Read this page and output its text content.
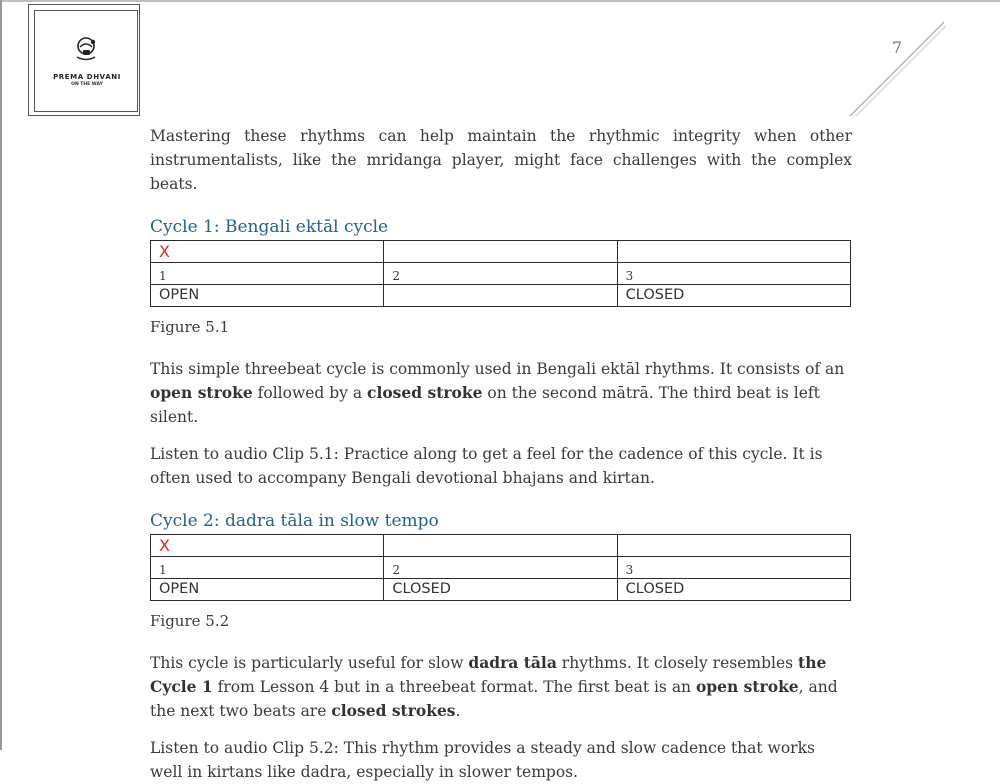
PREMA DHVANI
ON THE WAY
7

Mastering these rhythms can help maintain the rhythmic integrity when other instrumentalists, like the mridanga player, might face challenges with the complex beats.

Cycle 1: Bengali ektāl cycle
X		
1	2	3
OPEN		CLOSED

Figure 5.1

This simple threebeat cycle is commonly used in Bengali ektāl rhythms. It consists of an open stroke followed by a closed stroke on the second mātrā. The third beat is left silent.

Listen to audio Clip 5.1: Practice along to get a feel for the cadence of this cycle. It is often used to accompany Bengali devotional bhajans and kirtan.

Cycle 2: dadra tāla in slow tempo
X		
1	2	3
OPEN	CLOSED	CLOSED

Figure 5.2

This cycle is particularly useful for slow dadra tāla rhythms. It closely resembles the Cycle 1 from Lesson 4 but in a threebeat format. The first beat is an open stroke, and the next two beats are closed strokes.

Listen to audio Clip 5.2: This rhythm provides a steady and slow cadence that works well in kirtans like dadra, especially in slower tempos.
